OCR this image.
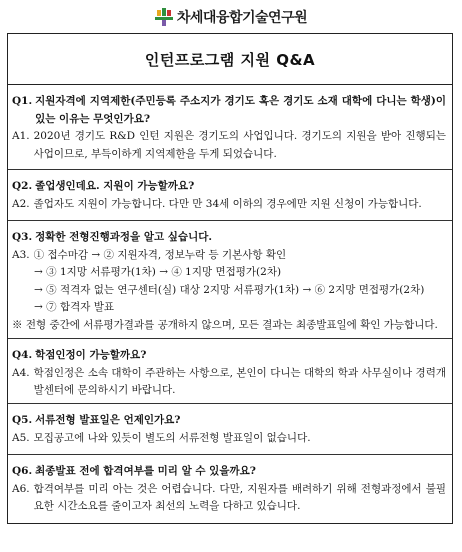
차세대융합기술연구원
인턴프로그램 지원 Q&A
Q1. 지원자격에 지역제한(주민등록 주소지가 경기도 혹은 경기도 소재 대학에 다니는 학생)이 있는 이유는 무엇인가요?
A1. 2020년 경기도 R&D 인턴 지원은 경기도의 사업입니다. 경기도의 지원을 받아 진행되는 사업이므로, 부득이하게 지역제한을 두게 되었습니다.
Q2. 졸업생인데요. 지원이 가능할까요?
A2. 졸업자도 지원이 가능합니다. 다만 만 34세 이하의 경우에만 지원 신청이 가능합니다.
Q3. 정확한 전형진행과정을 알고 싶습니다.
A3. ① 접수마감 → ② 지원자격, 정보누락 등 기본사항 확인
→ ③ 1지망 서류평가(1차) → ④ 1지망 면접평가(2차)
→ ⑤ 적격자 없는 연구센터(실) 대상 2지망 서류평가(1차) → ⑥ 2지망 면접평가(2차)
→ ⑦ 합격자 발표
※ 전형 중간에 서류평가결과를 공개하지 않으며, 모든 결과는 최종발표일에 확인 가능합니다.
Q4. 학점인정이 가능할까요?
A4. 학점인정은 소속 대학이 주관하는 사항으로, 본인이 다니는 대학의 학과 사무실이나 경력개발센터에 문의하시기 바랍니다.
Q5. 서류전형 발표일은 언제인가요?
A5. 모집공고에 나와 있듯이 별도의 서류전형 발표일이 없습니다.
Q6. 최종발표 전에 합격여부를 미리 알 수 있을까요?
A6. 합격여부를 미리 아는 것은 어렵습니다. 다만, 지원자를 배려하기 위해 전형과정에서 불필요한 시간소요를 줄이고자 최선의 노력을 다하고 있습니다.
